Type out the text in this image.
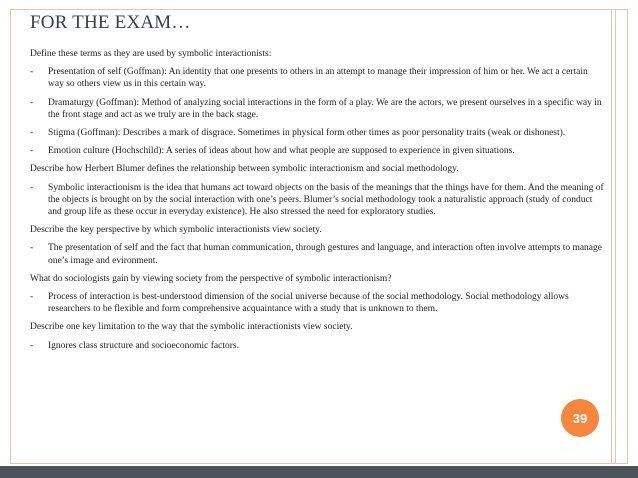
FOR THE EXAM…

Define these terms as they are used by symbolic interactionists:

- Presentation of self (Goffman): An identity that one presents to others in an attempt to manage their impression of him or her. We act a certain way so others view us in this certain way.
- Dramaturgy (Goffman): Method of analyzing social interactions in the form of a play. We are the actors, we present ourselves in a specific way in the front stage and act as we truly are in the back stage.
- Stigma (Goffman): Describes a mark of disgrace. Sometimes in physical form other times as poor personality traits (weak or dishonest).
- Emotion culture (Hochschild): A series of ideas about how and what people are supposed to experience in given situations.

Describe how Herbert Blumer defines the relationship between symbolic interactionism and social methodology.

- Symbolic interactionism is the idea that humans act toward objects on the basis of the meanings that the things have for them. And the meaning of the objects is brought on by the social interaction with one’s peers. Blumer’s social methodology took a naturalistic approach (study of conduct and group life as these occur in everyday existence). He also stressed the need for exploratory studies.

Describe the key perspective by which symbolic interactionists view society.

- The presentation of self and the fact that human communication, through gestures and language, and interaction often involve attempts to manage one’s image and evironment.

What do sociologists gain by viewing society from the perspective of symbolic interactionism?

- Process of interaction is best-understood dimension of the social universe because of the social methodology. Social methodology allows researchers to be flexible and form comprehensive acquaintance with a study that is unknown to them.

Describe one key limitation to the way that the symbolic interactionists view society.

- Ignores class structure and socioeconomic factors.
39
